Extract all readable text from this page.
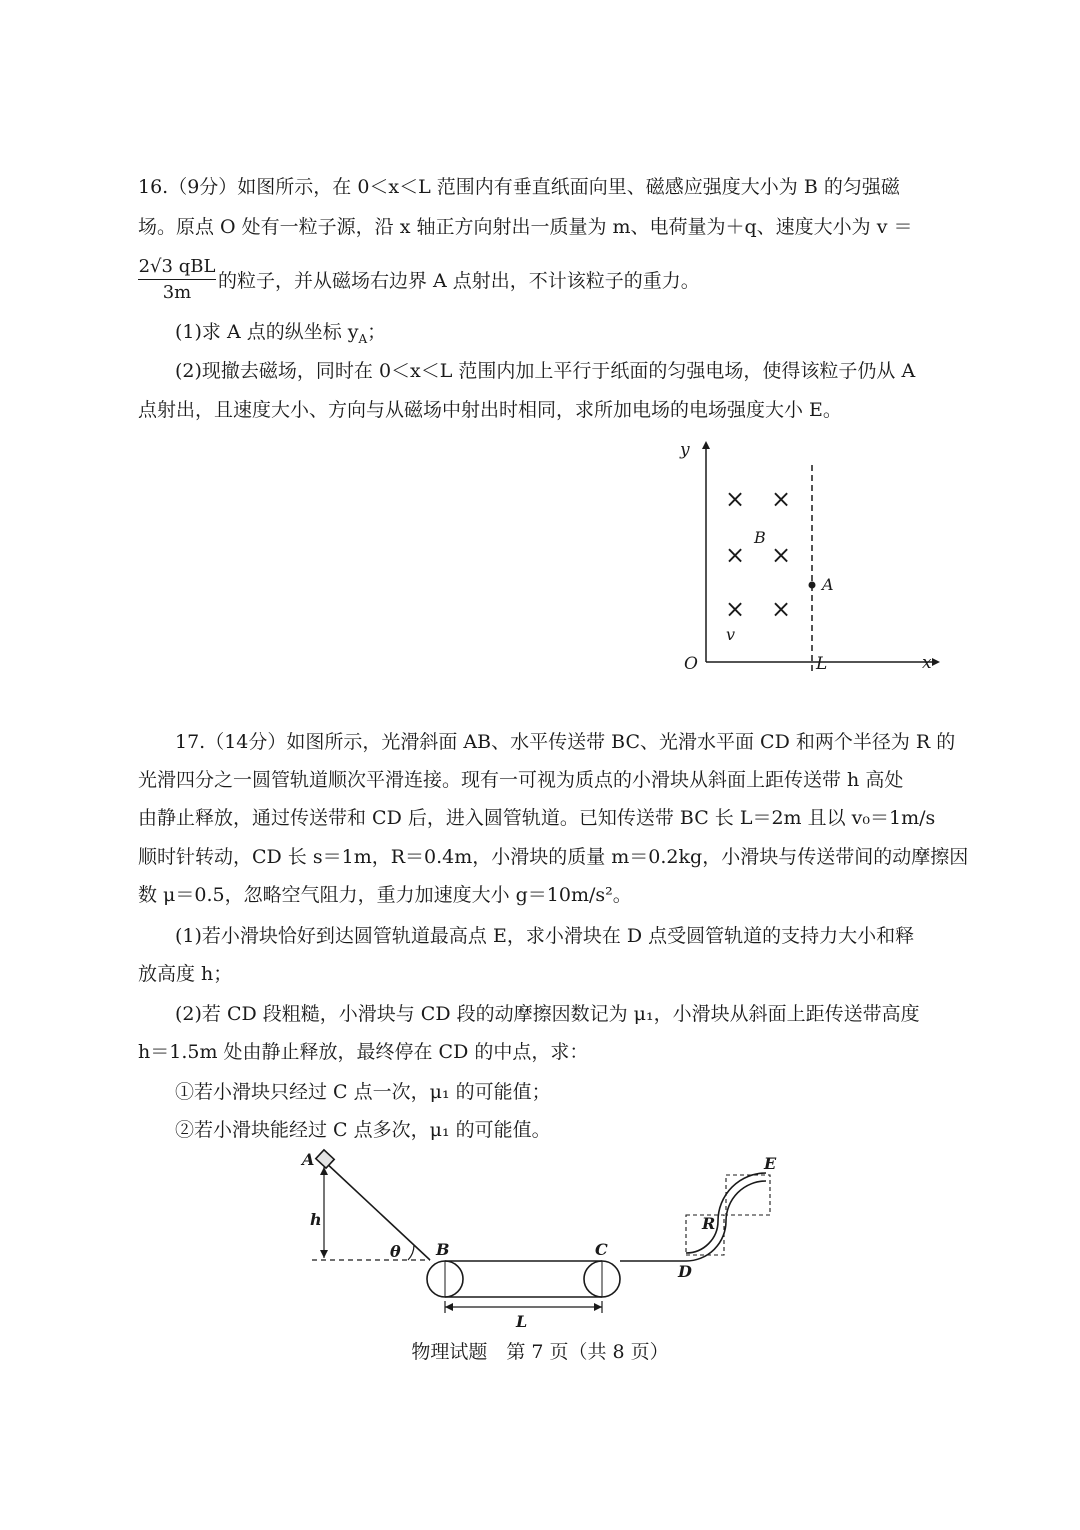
16.（9分）如图所示，在 0＜x＜L 范围内有垂直纸面向里、磁感应强度大小为 B 的匀强磁
场。原点 O 处有一粒子源，沿 x 轴正方向射出一质量为 m、电荷量为＋q、速度大小为 v ＝
2√3 qBL
3m
的粒子，并从磁场右边界 A 点射出，不计该粒子的重力。
(1)求 A 点的纵坐标 $y_A$；
(2)现撤去磁场，同时在 0＜x＜L 范围内加上平行于纸面的匀强电场，使得该粒子仍从 A
点射出，且速度大小、方向与从磁场中射出时相同，求所加电场的电场强度大小 E。
y
x
O
B
A
v
L
× ×
× ×
× ×
17.（14分）如图所示，光滑斜面 AB、水平传送带 BC、光滑水平面 CD 和两个半径为 R 的
光滑四分之一圆管轨道顺次平滑连接。现有一可视为质点的小滑块从斜面上距传送带 h 高处
由静止释放，通过传送带和 CD 后，进入圆管轨道。已知传送带 BC 长 L＝2m 且以 v₀＝1m/s
顺时针转动，CD 长 s＝1m，R＝0.4m，小滑块的质量 m＝0.2kg，小滑块与传送带间的动摩擦因
数 μ＝0.5，忽略空气阻力，重力加速度大小 g＝10m/s²。
(1)若小滑块恰好到达圆管轨道最高点 E，求小滑块在 D 点受圆管轨道的支持力大小和释
放高度 h；
(2)若 CD 段粗糙，小滑块与 CD 段的动摩擦因数记为 μ₁，小滑块从斜面上距传送带高度
h＝1.5m 处由静止释放，最终停在 CD 的中点，求：
①若小滑块只经过 C 点一次，μ₁ 的可能值；
②若小滑块能经过 C 点多次，μ₁ 的可能值。
A
h
θ B	C
D
E
R
L
物理试题　第 7 页（共 8 页）
